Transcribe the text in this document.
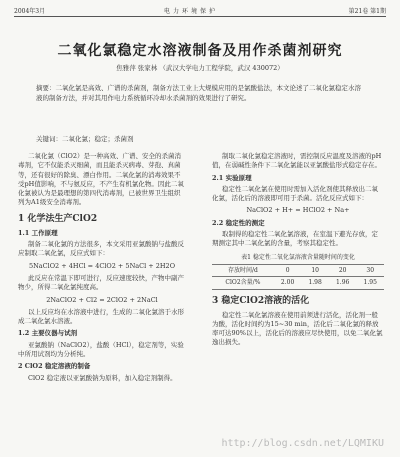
2004年3月	电力环境保护	第21卷 第1期
二氧化氯稳定水溶液制备及用作杀菌剂研究
焦雅萍 张家林 （武汉大学电力工程学院，武汉 430072）
摘要：二氧化氯是高效、广谱的杀菌剂，制备方法工业上大规模应用的是氯酸盐法，本文论述了二氧化氯稳定水溶液的制备方法，并对其用作电力系统循环冷却水杀菌剂的效果进行了研究。
关键词：二氧化氯；稳定；杀菌剂

二氧化氯（ClO2）是一种高效、广谱、安全的杀菌消毒剂，它不仅能杀灭细菌，而且能杀灭病毒、芽孢、真菌等，还有很好的除臭、漂白作用。二氧化氯的消毒效果不受pH值影响，不与氨反应，不产生有机氯化物。因此二氧化氯被认为是最理想的第四代消毒剂，已被世界卫生组织列为A1级安全消毒剂。

1 化学法生产ClO2
1.1 工作原理

制备二氧化氯的方法很多，本文采用亚氯酸钠与盐酸反应制取二氧化氯，反应式如下：

5NaClO2 + 4HCl = 4ClO2 + 5NaCl + 2H2O

此反应在常温下即可进行，反应速度较快，产物中副产物少，所得二氧化氯纯度高。

2NaClO2 + Cl2 = 2ClO2 + 2NaCl

以上反应均在水溶液中进行，生成的二氧化氯溶于水形成二氧化氯水溶液。

1.2 主要仪器与试剂

亚氯酸钠（NaClO2），盐酸（HCl），稳定剂等，实验中所用试剂均为分析纯。

2 ClO2 稳定溶液的制备

ClO2 稳定液以亚氯酸钠为原料，加入稳定剂制得。

制取二氧化氯稳定溶液时，需控制反应温度及溶液的pH值，在弱碱性条件下二氧化氯能以亚氯酸盐形式稳定存在。

2.1 实验原理

稳定性二氧化氯在使用时需加入活化剂使其释放出二氧化氯，活化后的溶液即可用于杀菌。活化反应式如下：

NaClO2 + H+ = HClO2 + Na+
2.2 稳定性的测定

取制得的稳定性二氧化氯溶液，在室温下避光存放，定期测定其中二氧化氯的含量，考察其稳定性。

表1 稳定性二氧化氯溶液含量随时间的变化
存放时间/d	0	10	20	30
ClO2含量/%	2.00	1.98	1.96	1.95
3 稳定ClO2溶液的活化

稳定性二氧化氯溶液在使用前须进行活化，活化剂一般为酸，活化时间约为15~30 min，活化后二氧化氯的释放率可达90%以上，活化后的溶液应尽快使用，以免二氧化氯逸出损失。

http://blog.csdn.net/LQMIKU
